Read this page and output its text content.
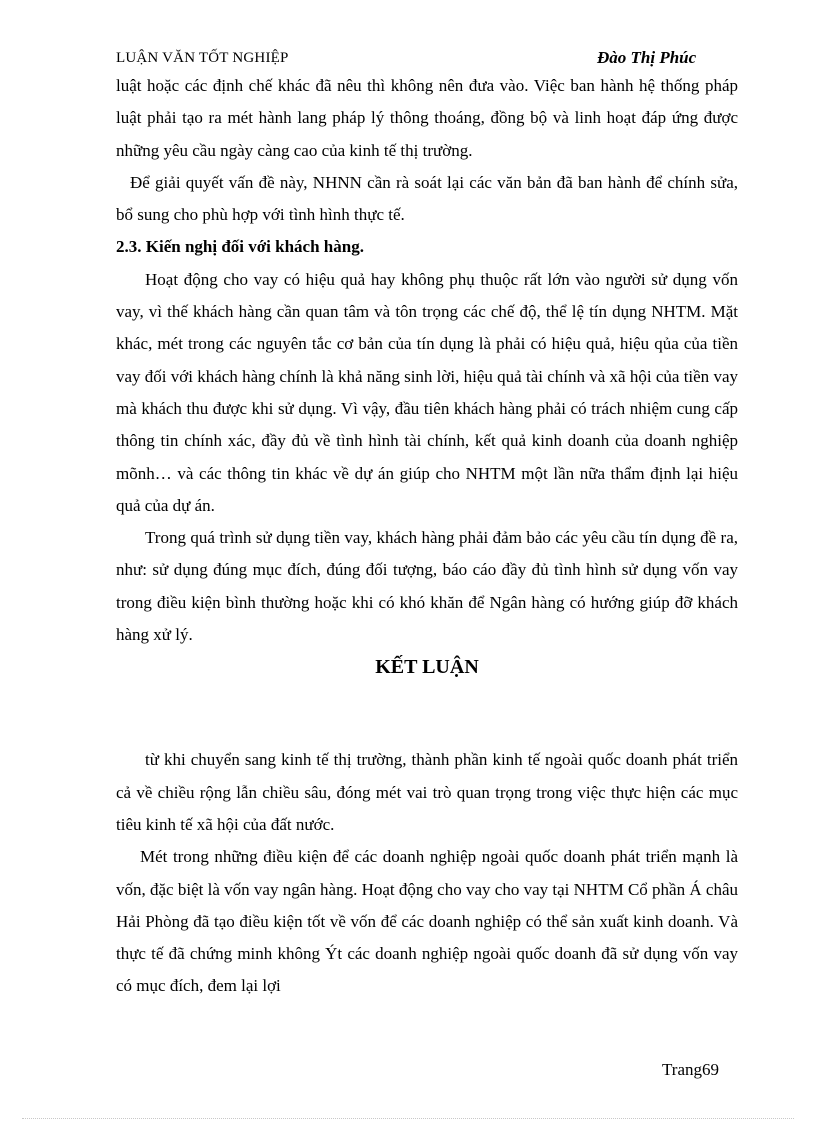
LUẬN VĂN TỐT NGHIỆP	Đào Thị Phúc

luật hoặc các định chế khác đã nêu thì không nên đưa vào. Việc ban hành hệ thống pháp luật phải tạo ra mét hành lang pháp lý thông thoáng, đồng bộ và linh hoạt đáp ứng được những yêu cầu ngày càng cao của kinh tế thị trường.

Để giải quyết vấn đề này, NHNN cần rà soát lại các văn bản đã ban hành để chính sửa, bổ sung cho phù hợp với tình hình thực tế.

2.3. Kiến nghị đối với khách hàng.

Hoạt động cho vay có hiệu quả hay không phụ thuộc rất lớn vào người sử dụng vốn vay, vì thế khách hàng cần quan tâm và tôn trọng các chế độ, thể lệ tín dụng NHTM. Mặt khác, mét trong các nguyên tắc cơ bản của tín dụng là phải có hiệu quả, hiệu qủa của tiền vay đối với khách hàng chính là khả năng sinh lời, hiệu quả tài chính và xã hội của tiền vay mà khách thu được khi sử dụng. Vì vậy, đầu tiên khách hàng phải có trách nhiệm cung cấp thông tin chính xác, đầy đủ về tình hình tài chính, kết quả kinh doanh của doanh nghiệp mõnh… và các thông tin khác về dự án giúp cho NHTM một lần nữa thẩm định lại hiệu quả của dự án.

Trong quá trình sử dụng tiền vay, khách hàng phải đảm bảo các yêu cầu tín dụng đề ra, như: sử dụng đúng mục đích, đúng đối tượng, báo cáo đầy đủ tình hình sử dụng vốn vay trong điều kiện bình thường hoặc khi có khó khăn để Ngân hàng có hướng giúp đỡ khách hàng xử lý.

KẾT LUẬN

từ khi chuyển sang kinh tế thị trường, thành phần kinh tế ngoài quốc doanh phát triển cả về chiều rộng lẫn chiều sâu, đóng mét vai trò quan trọng trong việc thực hiện các mục tiêu kinh tế xã hội của đất nước.

Mét trong những điều kiện để các doanh nghiệp ngoài quốc doanh phát triển mạnh là vốn, đặc biệt là vốn vay ngân hàng. Hoạt động cho vay cho vay tại NHTM Cổ phần Á châu Hải Phòng đã tạo điều kiện tốt về vốn để các doanh nghiệp có thể sản xuất kinh doanh. Và thực tế đã chứng minh không Ýt các doanh nghiệp ngoài quốc doanh đã sử dụng vốn vay có mục đích, đem lại lợi

Trang69
